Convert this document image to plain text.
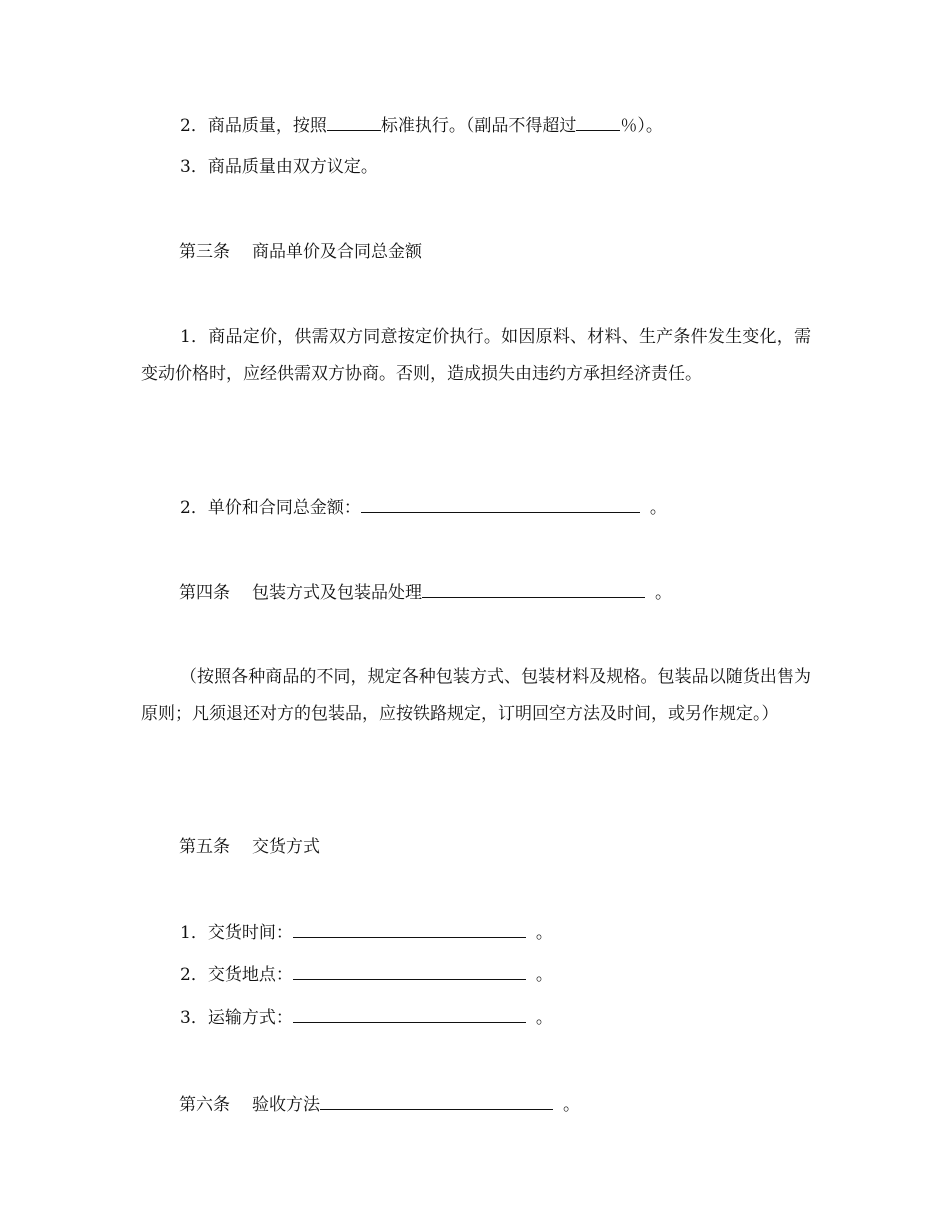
2．商品质量，按照	标准执行。（副品不得超过	％）。
3．商品质量由双方议定。
第三条 商品单价及合同总金额
1．商品定价，供需双方同意按定价执行。如因原料、材料、生产条件发生变化，需变动价格时，应经供需双方协商。否则，造成损失由违约方承担经济责任。
2．单价和合同总金额：	。
第四条 包装方式及包装品处理	。
（按照各种商品的不同，规定各种包装方式、包装材料及规格。包装品以随货出售为原则；凡须退还对方的包装品，应按铁路规定，订明回空方法及时间，或另作规定。）
第五条 交货方式
1．交货时间：	。
2．交货地点：	。
3．运输方式：	。
第六条 验收方法	。
